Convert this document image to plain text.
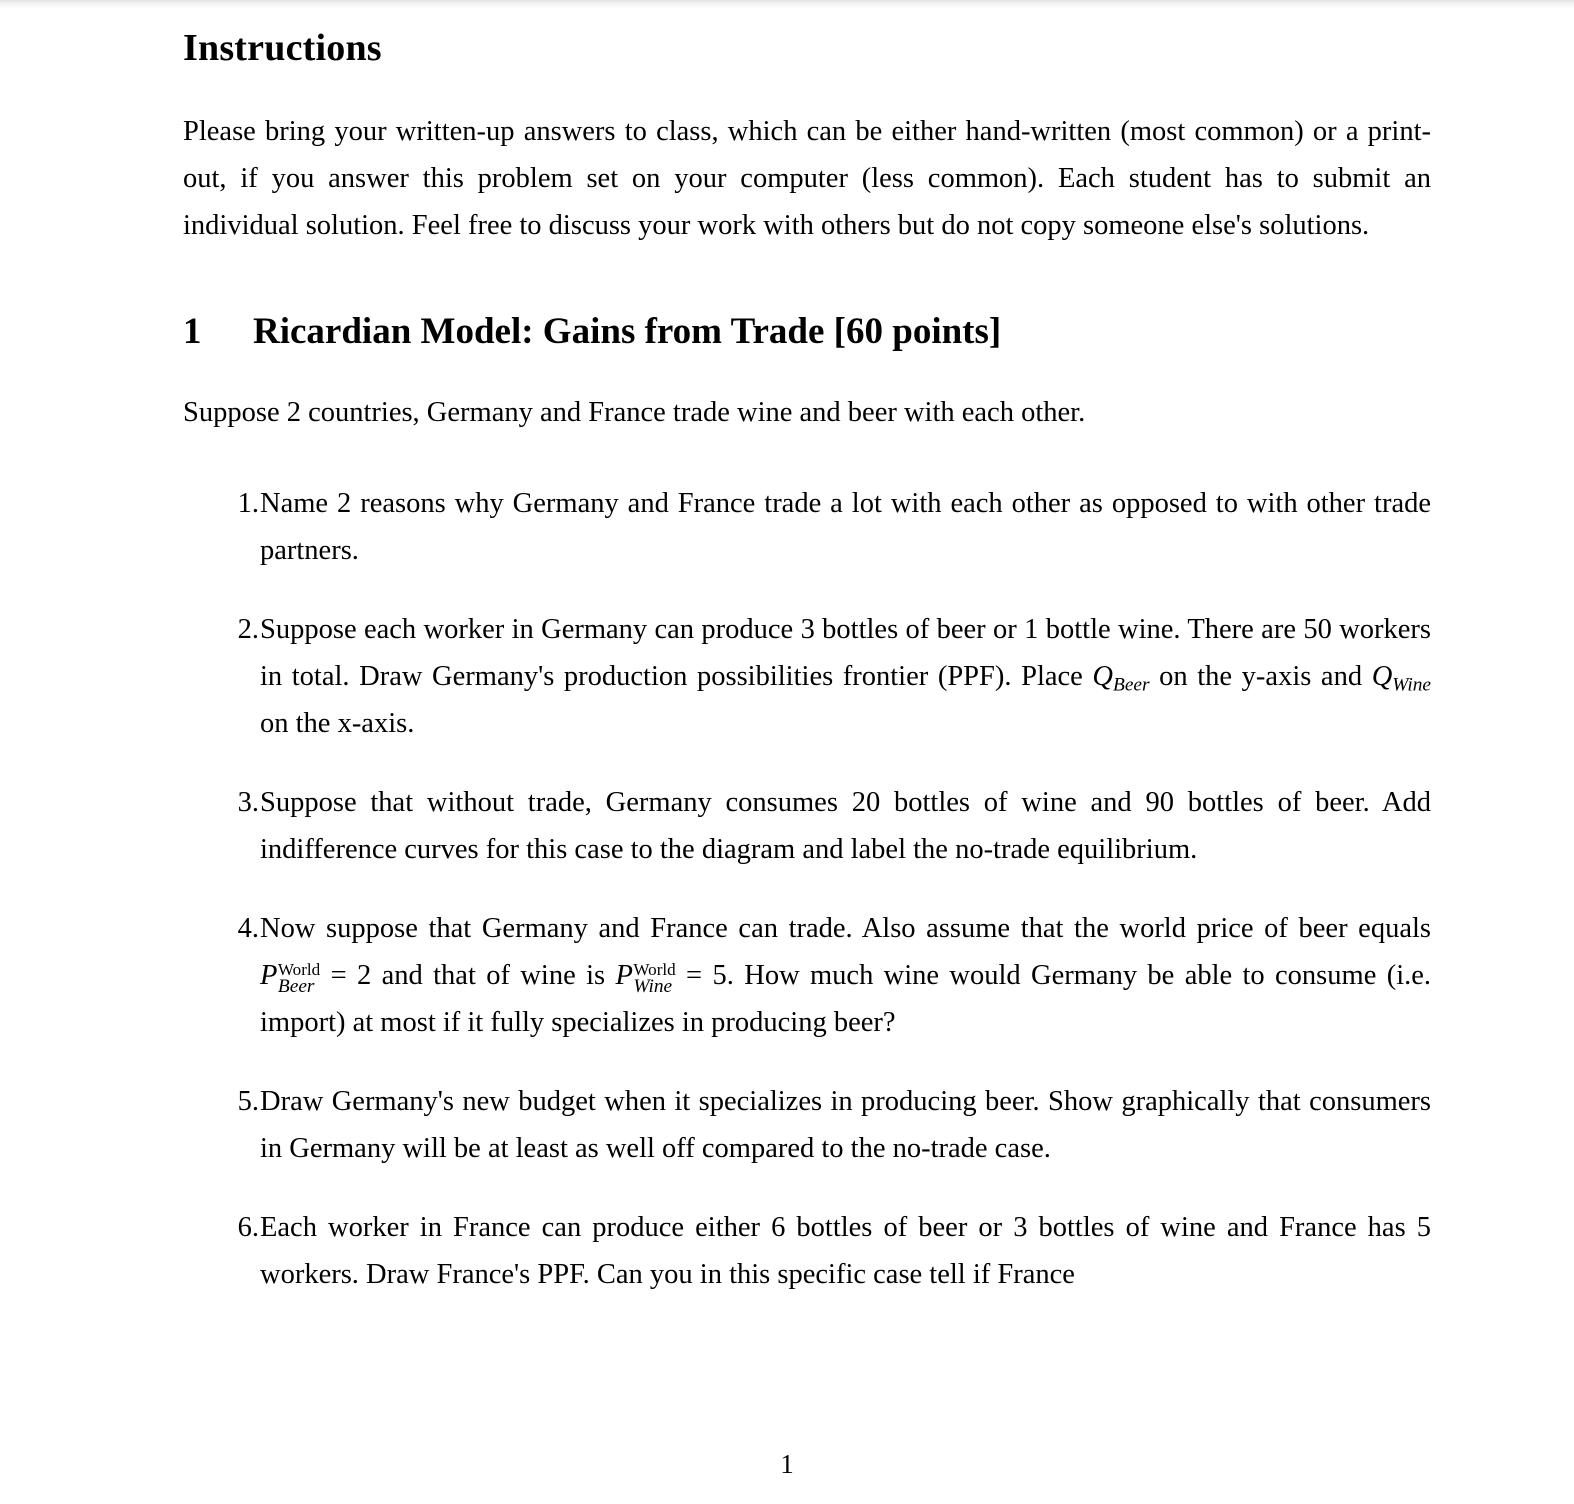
Instructions

Please bring your written-up answers to class, which can be either hand-written (most common) or a print-out, if you answer this problem set on your computer (less common). Each student has to submit an individual solution. Feel free to discuss your work with others but do not copy someone else's solutions.

1	Ricardian Model: Gains from Trade [60 points]

Suppose 2 countries, Germany and France trade wine and beer with each other.

1. Name 2 reasons why Germany and France trade a lot with each other as opposed to with other trade partners.
2. Suppose each worker in Germany can produce 3 bottles of beer or 1 bottle wine. There are 50 workers in total. Draw Germany's production possibilities frontier (PPF). Place $Q_{Beer}$ on the y-axis and $Q_{Wine}$ on the x-axis.
3. Suppose that without trade, Germany consumes 20 bottles of wine and 90 bottles of beer. Add indifference curves for this case to the diagram and label the no-trade equilibrium.
4. Now suppose that Germany and France can trade. Also assume that the world price of beer equals P World
Beer = 2 and that of wine is P World
Wine = 5. How much wine would Germany be able to consume (i.e. import) at most if it fully specializes in producing beer?
5. Draw Germany's new budget when it specializes in producing beer. Show graphically that consumers in Germany will be at least as well off compared to the no-trade case.
6. Each worker in France can produce either 6 bottles of beer or 3 bottles of wine and France has 5 workers. Draw France's PPF. Can you in this specific case tell if France
1
